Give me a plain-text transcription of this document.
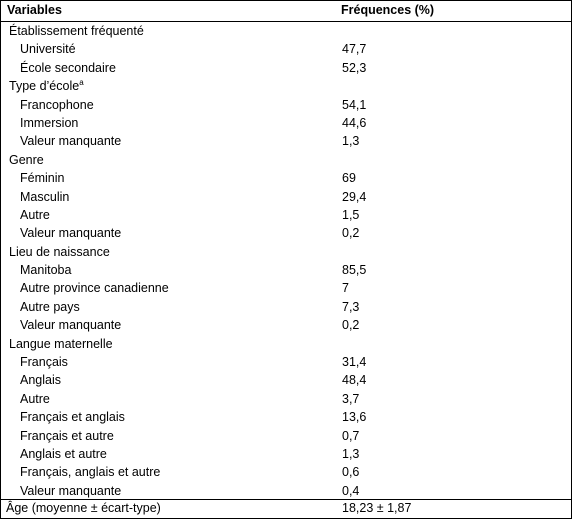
Variables	Fréquences (%)
Établissement fréquenté
Université	47,7
École secondaire	52,3
Type d’école$^a$
Francophone	54,1
Immersion	44,6
Valeur manquante	1,3
Genre
Féminin	69
Masculin	29,4
Autre	1,5
Valeur manquante	0,2
Lieu de naissance
Manitoba	85,5
Autre province canadienne	7
Autre pays	7,3
Valeur manquante	0,2
Langue maternelle
Français	31,4
Anglais	48,4
Autre	3,7
Français et anglais	13,6
Français et autre	0,7
Anglais et autre	1,3
Français, anglais et autre	0,6
Valeur manquante	0,4
Âge (moyenne ± écart-type)	18,23 ± 1,87
